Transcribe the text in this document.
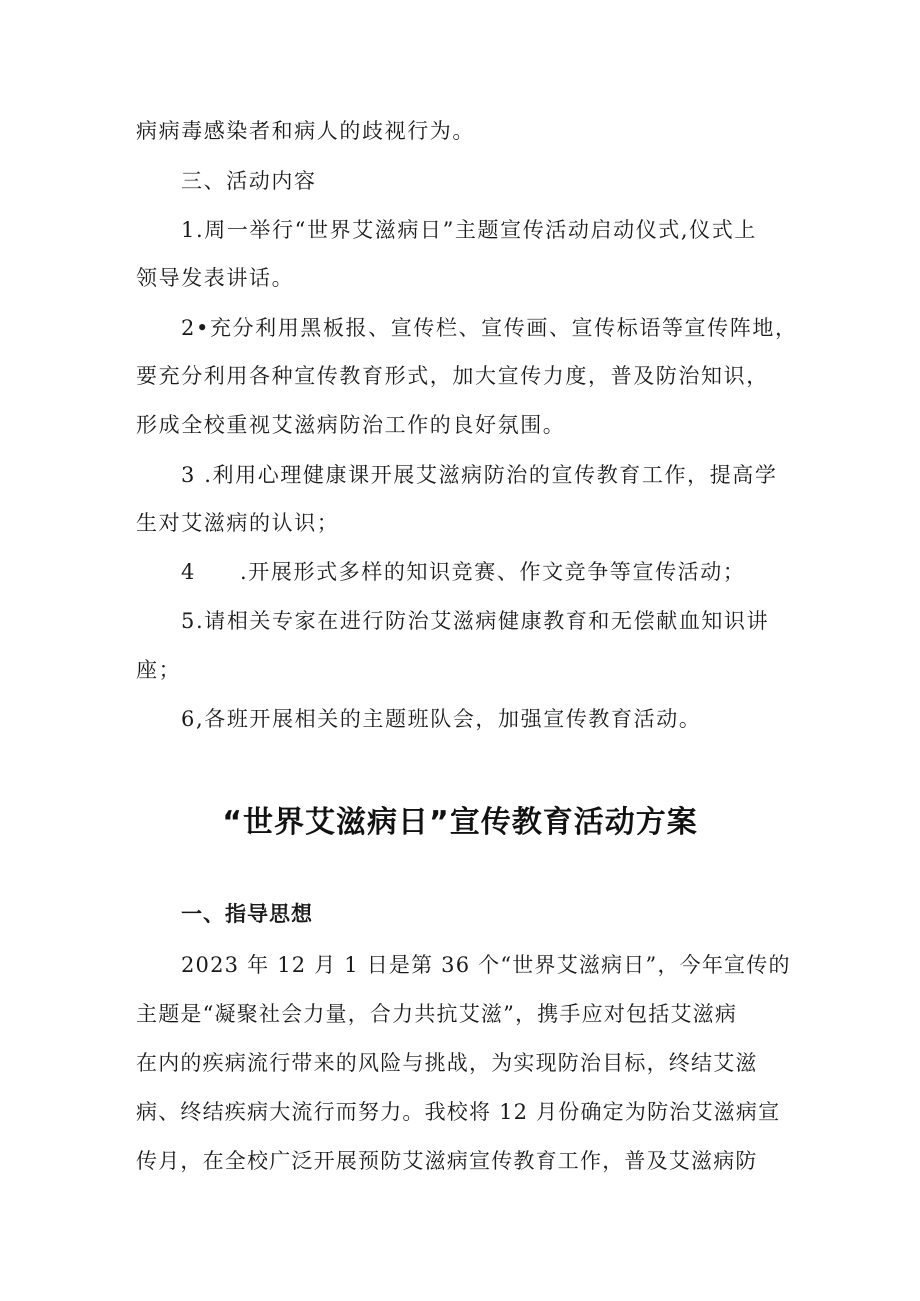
病病毒感染者和病人的歧视行为。

三、活动内容

1.周一举行“世界艾滋病日”主题宣传活动启动仪式,仪式上

领导发表讲话。

2•充分利用黑板报、宣传栏、宣传画、宣传标语等宣传阵地，

要充分利用各种宣传教育形式，加大宣传力度，普及防治知识，

形成全校重视艾滋病防治工作的良好氛围。

3 .利用心理健康课开展艾滋病防治的宣传教育工作，提高学

生对艾滋病的认识；

4 .开展形式多样的知识竞赛、作文竞争等宣传活动；

5.请相关专家在进行防治艾滋病健康教育和无偿献血知识讲

座；

6,各班开展相关的主题班队会，加强宣传教育活动。

“世界艾滋病日”宣传教育活动方案
一、指导思想

2023 年 12 月 1 日是第 36 个“世界艾滋病日”，今年宣传的

主题是“凝聚社会力量，合力共抗艾滋”，携手应对包括艾滋病

在内的疾病流行带来的风险与挑战，为实现防治目标，终结艾滋

病、终结疾病大流行而努力。我校将 12 月份确定为防治艾滋病宣

传月，在全校广泛开展预防艾滋病宣传教育工作，普及艾滋病防
